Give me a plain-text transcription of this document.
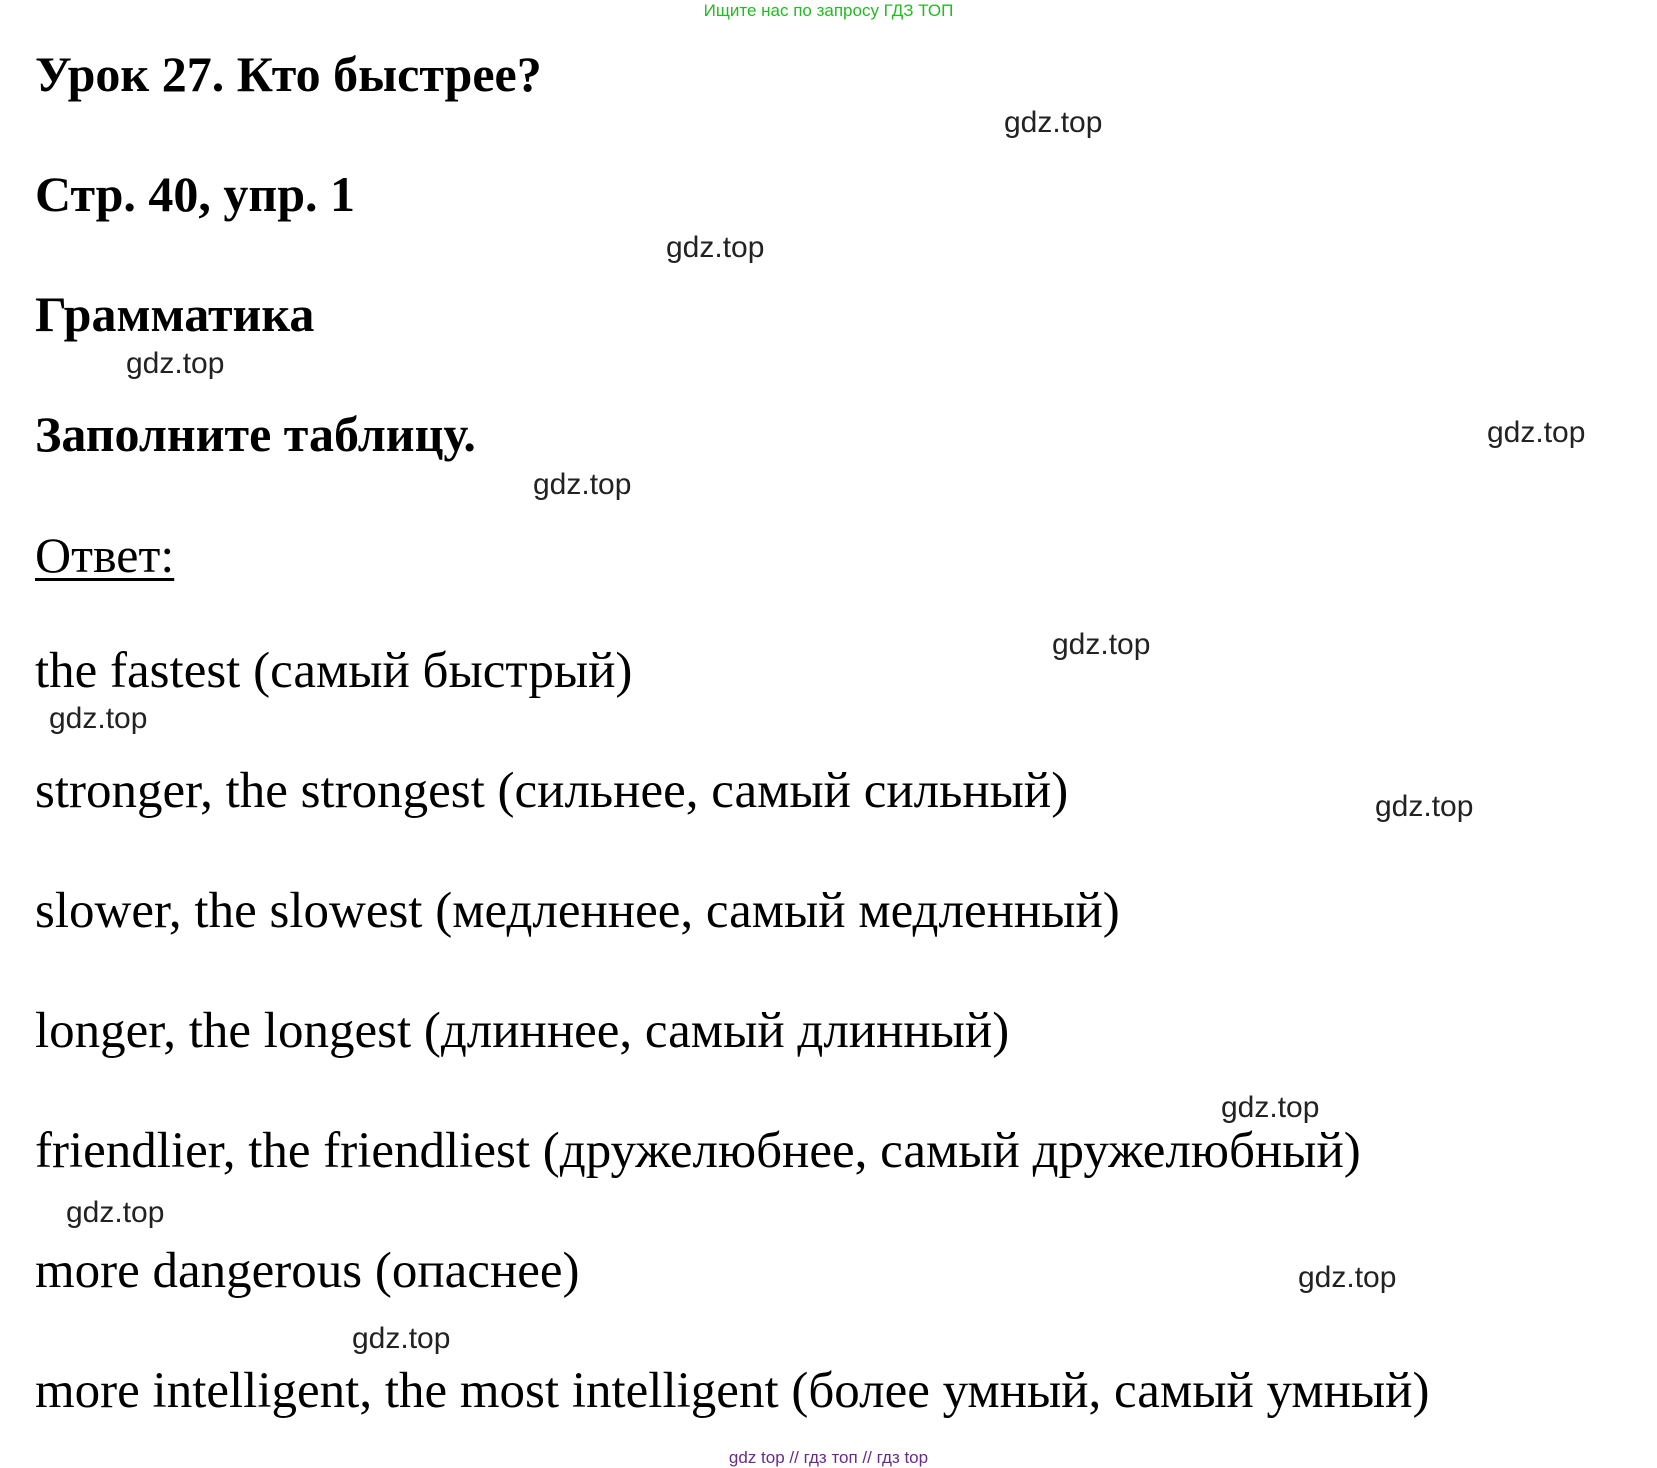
Ищите нас по запросу ГДЗ ТОП
Урок 27. Кто быстрее?
Стр. 40, упр. 1
Грамматика
Заполните таблицу.
Ответ:
the fastest (самый быстрый)
stronger, the strongest (сильнее, самый сильный)
slower, the slowest (медленнее, самый медленный)
longer, the longest (длиннее, самый длинный)
friendlier, the friendliest (дружелюбнее, самый дружелюбный)
more dangerous (опаснее)
more intelligent, the most intelligent (более умный, самый умный)
gdz.top
gdz.top
gdz.top
gdz.top
gdz.top
gdz.top
gdz.top
gdz.top
gdz.top
gdz.top
gdz.top
gdz.top
gdz top // гдз топ // гдз top
